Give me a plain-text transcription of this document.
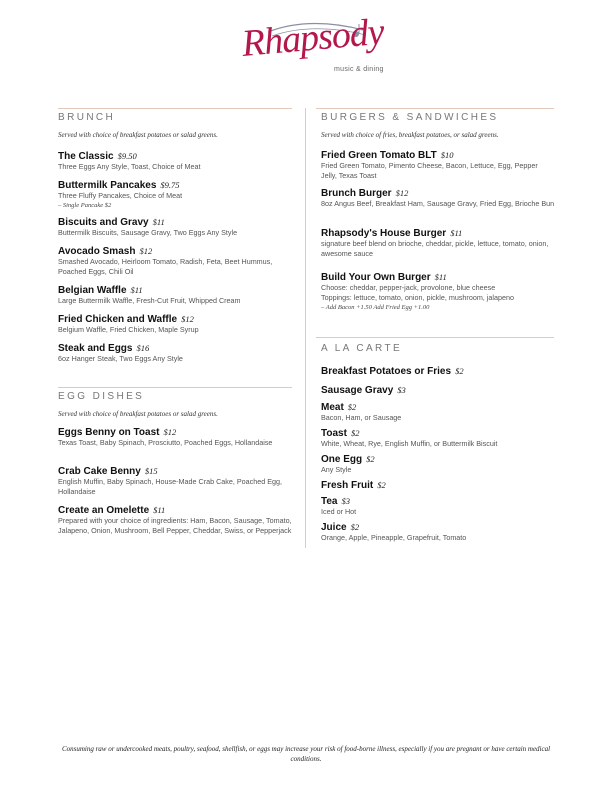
Rhapsody
music & dining
BRUNCH
Served with choice of breakfast potatoes or salad greens.
The Classic $9.50
Three Eggs Any Style, Toast, Choice of Meat
Buttermilk Pancakes $9.75
Three Fluffy Pancakes, Choice of Meat
– Single Pancake $2
Biscuits and Gravy $11
Buttermilk Biscuits, Sausage Gravy, Two Eggs Any Style
Avocado Smash $12
Smashed Avocado, Heirloom Tomato, Radish, Feta, Beet Hummus, Poached Eggs, Chili Oil
Belgian Waffle $11
Large Buttermilk Waffle, Fresh-Cut Fruit, Whipped Cream
Fried Chicken and Waffle $12
Belgium Waffle, Fried Chicken, Maple Syrup
Steak and Eggs $16
6oz Hanger Steak, Two Eggs Any Style
EGG DISHES
Served with choice of breakfast potatoes or salad greens.
Eggs Benny on Toast $12
Texas Toast, Baby Spinach, Prosciutto, Poached Eggs, Hollandaise
Crab Cake Benny $15
English Muffin, Baby Spinach, House-Made Crab Cake, Poached Egg, Hollandaise
Create an Omelette $11
Prepared with your choice of ingredients: Ham, Bacon, Sausage, Tomato, Jalapeno, Onion, Mushroom, Bell Pepper, Cheddar, Swiss, or Pepperjack
BURGERS & SANDWICHES
Served with choice of fries, breakfast potatoes, or salad greens.
Fried Green Tomato BLT $10
Fried Green Tomato, Pimento Cheese, Bacon, Lettuce, Egg, Pepper Jelly, Texas Toast
Brunch Burger $12
8oz Angus Beef, Breakfast Ham, Sausage Gravy, Fried Egg, Brioche Bun
Rhapsody's House Burger $11
signature beef blend on brioche, cheddar, pickle, lettuce, tomato, onion, awesome sauce
Build Your Own Burger $11
Choose: cheddar, pepper-jack, provolone, blue cheese
Toppings: lettuce, tomato, onion, pickle, mushroom, jalapeno
– Add Bacon +1.50 Add Fried Egg +1.00
A LA CARTE
Breakfast Potatoes or Fries $2
Sausage Gravy $3
Meat $2
Bacon, Ham, or Sausage
Toast $2
White, Wheat, Rye, English Muffin, or Buttermilk Biscuit
One Egg $2
Any Style
Fresh Fruit $2
Tea $3
Iced or Hot
Juice $2
Orange, Apple, Pineapple, Grapefruit, Tomato
Consuming raw or undercooked meats, poultry, seafood, shellfish, or eggs may increase your risk of food-borne illness, especially if you are pregnant or have certain medical conditions.
